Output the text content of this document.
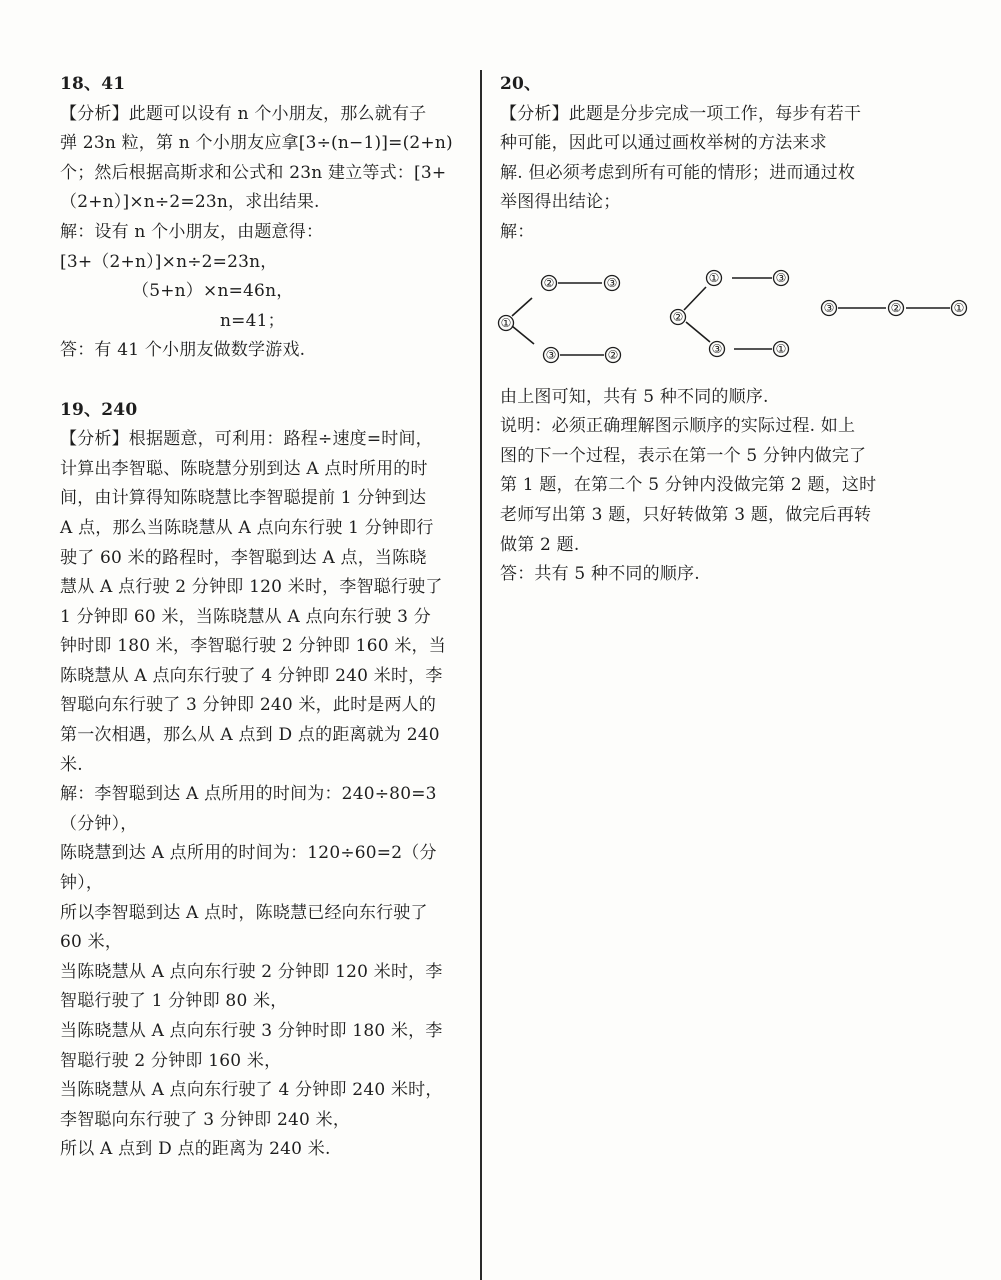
18、41
【分析】此题可以设有 n 个小朋友，那么就有子
弹 23n 粒，第 n 个小朋友应拿[3÷(n−1)]=(2+n)
个；然后根据高斯求和公式和 23n 建立等式：[3+
（2+n）]×n÷2=23n，求出结果.
解：设有 n 个小朋友，由题意得：
[3+（2+n）]×n÷2=23n，
（5+n）×n=46n，
n=41；
答：有 41 个小朋友做数学游戏.
19、240
【分析】根据题意，可利用：路程÷速度=时间，
计算出李智聪、陈晓慧分别到达 A 点时所用的时
间，由计算得知陈晓慧比李智聪提前 1 分钟到达
A 点，那么当陈晓慧从 A 点向东行驶 1 分钟即行
驶了 60 米的路程时，李智聪到达 A 点，当陈晓
慧从 A 点行驶 2 分钟即 120 米时，李智聪行驶了
1 分钟即 60 米，当陈晓慧从 A 点向东行驶 3 分
钟时即 180 米，李智聪行驶 2 分钟即 160 米，当
陈晓慧从 A 点向东行驶了 4 分钟即 240 米时，李
智聪向东行驶了 3 分钟即 240 米，此时是两人的
第一次相遇，那么从 A 点到 D 点的距离就为 240
米.
解：李智聪到达 A 点所用的时间为：240÷80=3
（分钟），
陈晓慧到达 A 点所用的时间为：120÷60=2（分
钟），
所以李智聪到达 A 点时，陈晓慧已经向东行驶了
60 米，
当陈晓慧从 A 点向东行驶 2 分钟即 120 米时，李
智聪行驶了 1 分钟即 80 米，
当陈晓慧从 A 点向东行驶 3 分钟时即 180 米，李
智聪行驶 2 分钟即 160 米，
当陈晓慧从 A 点向东行驶了 4 分钟即 240 米时，
李智聪向东行驶了 3 分钟即 240 米，
所以 A 点到 D 点的距离为 240 米.
20、
【分析】此题是分步完成一项工作，每步有若干
种可能，因此可以通过画枚举树的方法来求
解. 但必须考虑到所有可能的情形；进而通过枚
举图得出结论；
解：
①
②	③
③	②
②
①	③
③	①
③	②	①
由上图可知，共有 5 种不同的顺序.
说明：必须正确理解图示顺序的实际过程. 如上
图的下一个过程，表示在第一个 5 分钟内做完了
第 1 题，在第二个 5 分钟内没做完第 2 题，这时
老师写出第 3 题，只好转做第 3 题，做完后再转
做第 2 题.
答：共有 5 种不同的顺序.
